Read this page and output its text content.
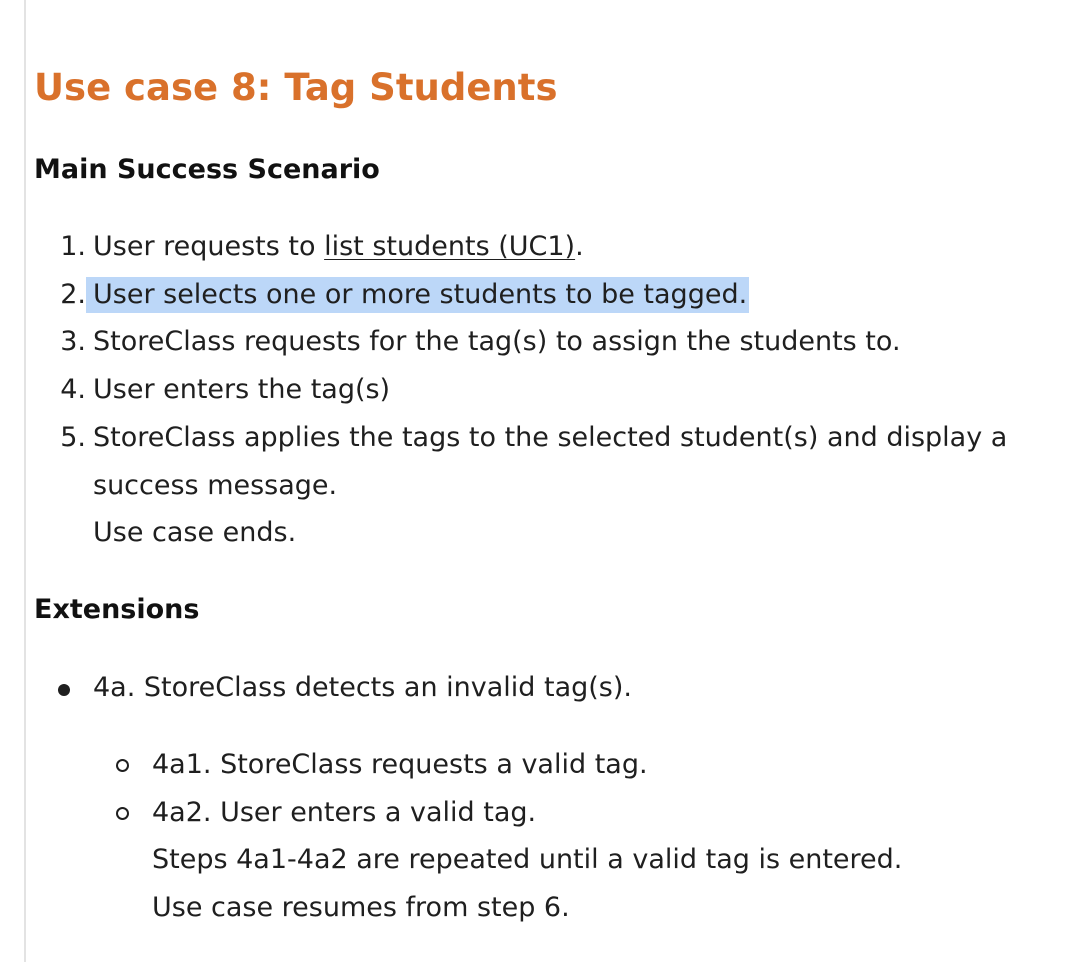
Use case 8: Tag Students
Main Success Scenario
1. User requests to list students (UC1).
2. User selects one or more students to be tagged.
3. StoreClass requests for the tag(s) to assign the students to.
4. User enters the tag(s)
5. StoreClass applies the tags to the selected student(s) and display a
success message.
Use case ends.
Extensions
4a. StoreClass detects an invalid tag(s).
4a1. StoreClass requests a valid tag.
4a2. User enters a valid tag.
Steps 4a1-4a2 are repeated until a valid tag is entered.
Use case resumes from step 6.
